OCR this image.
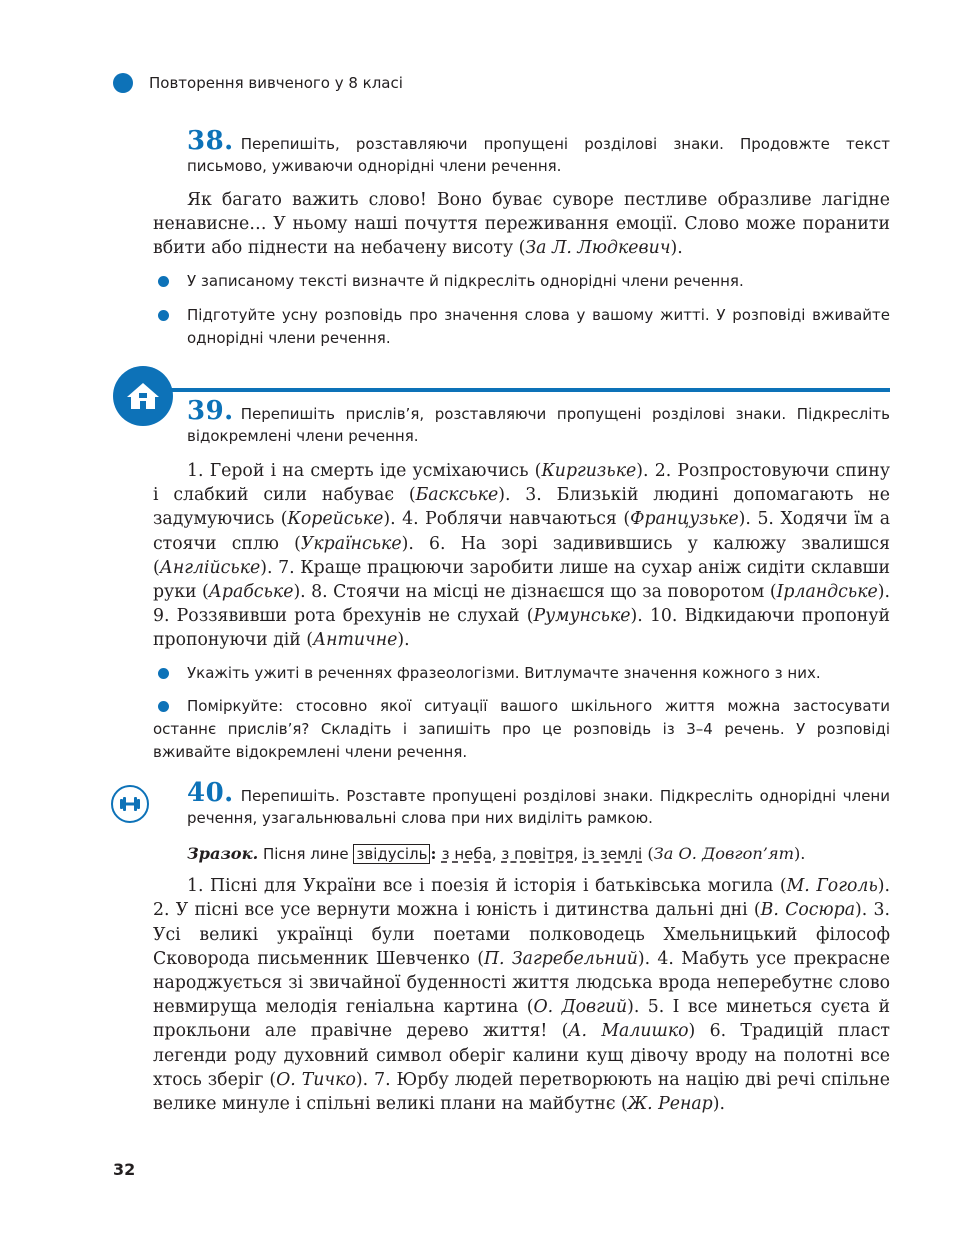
Повторення вивченого у 8 класі
38. Перепишіть, розставляючи пропущені розділові знаки. Продовжте текст письмово, уживаючи однорідні члени речення.

Як багато важить слово! Воно буває суворе пестливе образливе лагідне ненависне… У ньому наші почуття переживання емоції. Слово може поранити вбити або піднести на небачену висоту (За Л. Людкевич).

У записаному тексті визначте й підкресліть однорідні члени речення.
Підготуйте усну розповідь про значення слова у вашому житті. У розповіді вживайте однорідні члени речення.
39. Перепишіть прислів’я, розставляючи пропущені розділові знаки. Підкресліть відокремлені члени речення.

1. Герой і на смерть іде усміхаючись (Киргизьке). 2. Розпростовуючи спину і слабкий сили набуває (Баскське). 3. Близькій людині допомагають не задумуючись (Корейське). 4. Роблячи навчаються (Французьке). 5. Ходячи їм а стоячи сплю (Українське). 6. На зорі задивившись у калюжу звалишся (Англійське). 7. Краще працюючи заробити лише на сухар аніж сидіти склавши руки (Арабське). 8. Стоячи на місці не дізнаєшся що за поворотом (Ірландське). 9. Роззявивши рота брехунів не слухай (Румунське). 10. Відкидаючи пропонуй пропонуючи дій (Античне).

Укажіть ужиті в реченнях фразеологізми. Витлумачте значення кожного з них.
Поміркуйте: стосовно якої ситуації вашого шкільного життя можна застосувати останнє прислів’я? Складіть і запишіть про це розповідь із 3–4 речень. У розповіді вживайте відокремлені члени речення.
40. Перепишіть. Розставте пропущені розділові знаки. Підкресліть однорідні члени речення, узагальнювальні слова при них виділіть рамкою.

Зразок. Пісня лине звідусіль : з неба, з повітря, із землі (За О. Довгоп’ят).

1. Пісні для України все і поезія й історія і батьківська могила (М. Гоголь). 2. У пісні все усе вернути можна і юність і дитинства дальні дні (В. Сосюра). 3. Усі великі українці були поетами полководець Хмельницький філософ Сковорода письменник Шевченко (П. Загребельний). 4. Мабуть усе прекрасне народжується зі звичайної буденності життя людська врода неперебутнє слово невмируща мелодія геніальна картина (О. Довгий). 5. І все минеться суєта й прокльони але правічне дерево життя! (А. Малишко) 6. Традицій пласт легенди роду духовний символ оберіг калини кущ дівочу вроду на полотні все хтось зберіг (О. Тичко). 7. Юрбу людей перетворюють на націю дві речі спільне велике минуле і спільні великі плани на майбутнє (Ж. Ренар).

32
